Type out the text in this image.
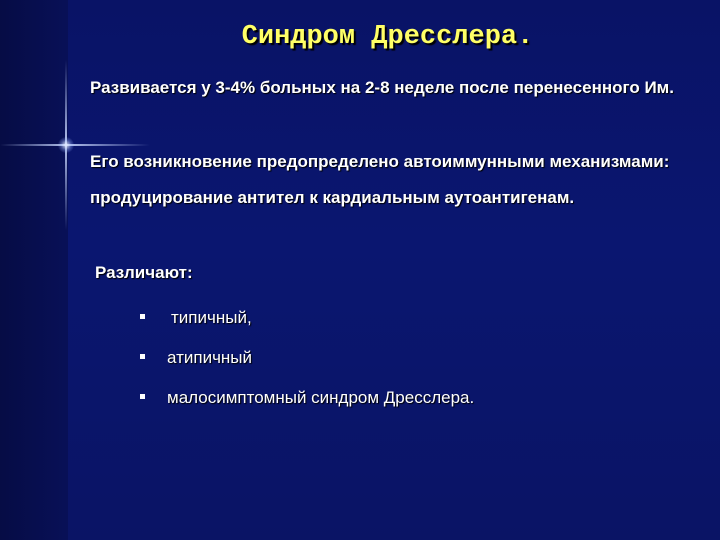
Синдром Дресслера.
Развивается у 3-4% больных на 2-8 неделе после перенесенного Им.
Его возникновение предопределено автоиммунными механизмами: продуцирование антител к кардиальным аутоантигенам.
Различают:
типичный,
атипичный
малосимптомный синдром Дресслера.
